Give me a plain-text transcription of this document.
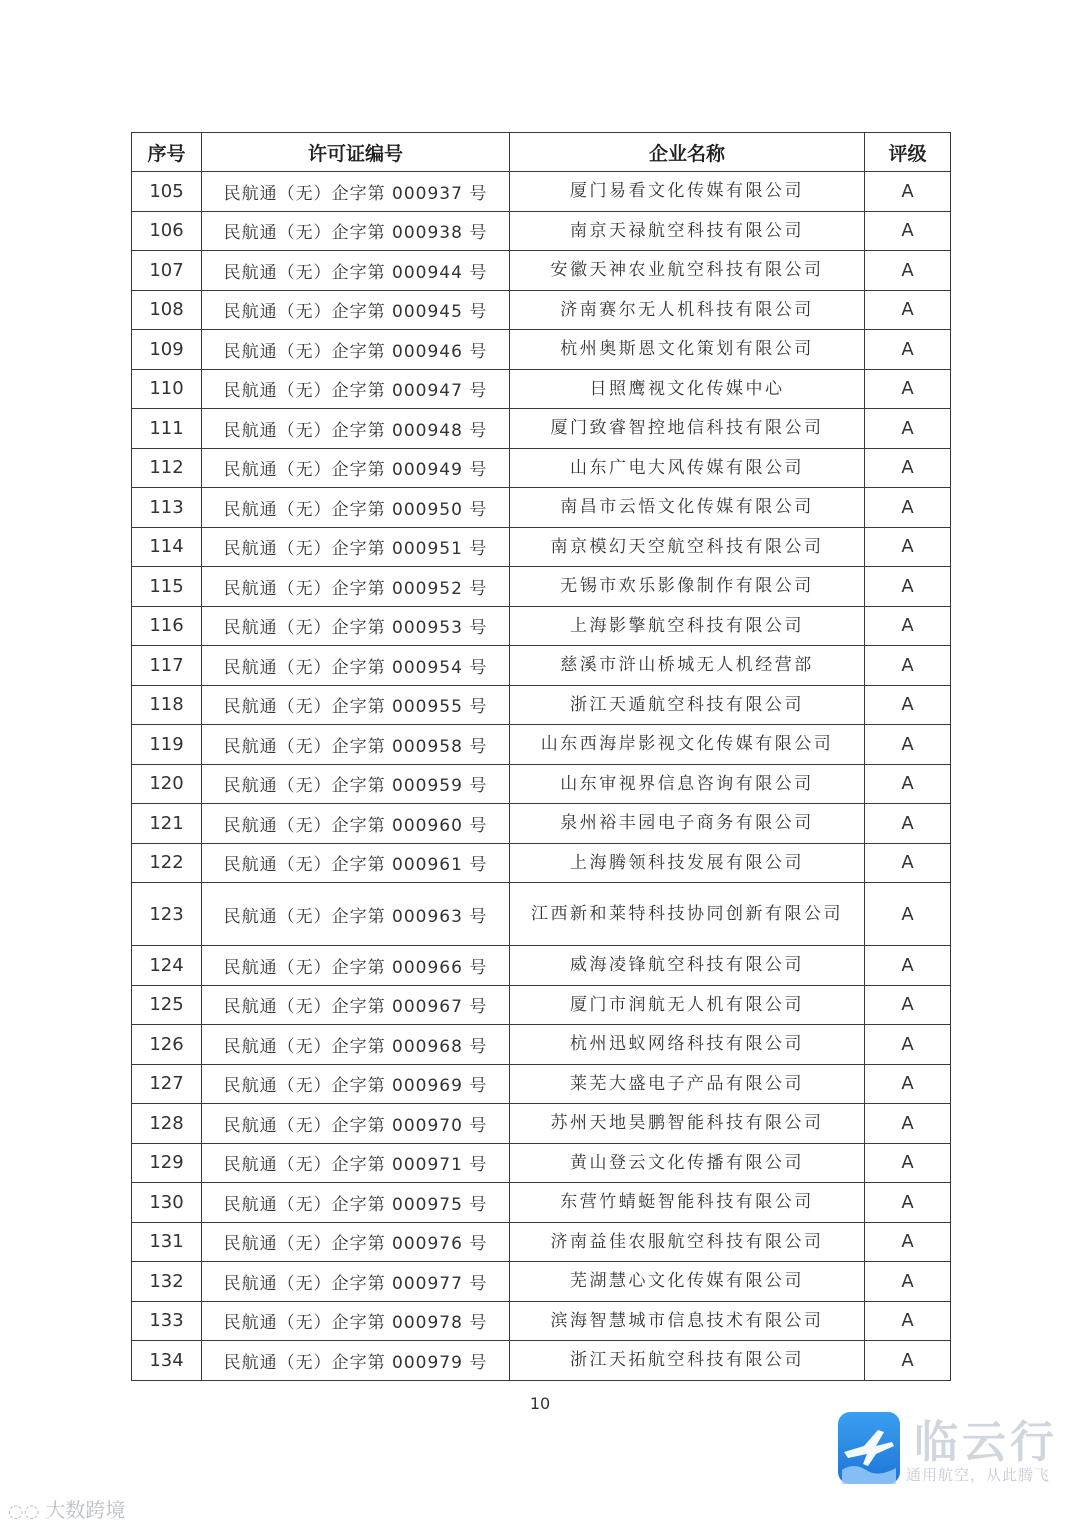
序号	许可证编号	企业名称	评级
105	民航通（无）企字第 000937 号	厦门易看文化传媒有限公司	A
106	民航通（无）企字第 000938 号	南京天禄航空科技有限公司	A
107	民航通（无）企字第 000944 号	安徽天神农业航空科技有限公司	A
108	民航通（无）企字第 000945 号	济南赛尔无人机科技有限公司	A
109	民航通（无）企字第 000946 号	杭州奥斯恩文化策划有限公司	A
110	民航通（无）企字第 000947 号	日照鹰视文化传媒中心	A
111	民航通（无）企字第 000948 号	厦门致睿智控地信科技有限公司	A
112	民航通（无）企字第 000949 号	山东广电大风传媒有限公司	A
113	民航通（无）企字第 000950 号	南昌市云悟文化传媒有限公司	A
114	民航通（无）企字第 000951 号	南京模幻天空航空科技有限公司	A
115	民航通（无）企字第 000952 号	无锡市欢乐影像制作有限公司	A
116	民航通（无）企字第 000953 号	上海影擎航空科技有限公司	A
117	民航通（无）企字第 000954 号	慈溪市浒山桥城无人机经营部	A
118	民航通（无）企字第 000955 号	浙江天遁航空科技有限公司	A
119	民航通（无）企字第 000958 号	山东西海岸影视文化传媒有限公司	A
120	民航通（无）企字第 000959 号	山东审视界信息咨询有限公司	A
121	民航通（无）企字第 000960 号	泉州裕丰园电子商务有限公司	A
122	民航通（无）企字第 000961 号	上海腾领科技发展有限公司	A
123	民航通（无）企字第 000963 号	江西新和莱特科技协同创新有限公司	A
124	民航通（无）企字第 000966 号	威海凌锋航空科技有限公司	A
125	民航通（无）企字第 000967 号	厦门市润航无人机有限公司	A
126	民航通（无）企字第 000968 号	杭州迅蚁网络科技有限公司	A
127	民航通（无）企字第 000969 号	莱芜大盛电子产品有限公司	A
128	民航通（无）企字第 000970 号	苏州天地昊鹏智能科技有限公司	A
129	民航通（无）企字第 000971 号	黄山登云文化传播有限公司	A
130	民航通（无）企字第 000975 号	东营竹蜻蜓智能科技有限公司	A
131	民航通（无）企字第 000976 号	济南益佳农服航空科技有限公司	A
132	民航通（无）企字第 000977 号	芜湖慧心文化传媒有限公司	A
133	民航通（无）企字第 000978 号	滨海智慧城市信息技术有限公司	A
134	民航通（无）企字第 000979 号	浙江天拓航空科技有限公司	A
10
临云行
通用航空，从此腾飞
◌◌ 大数跨境
